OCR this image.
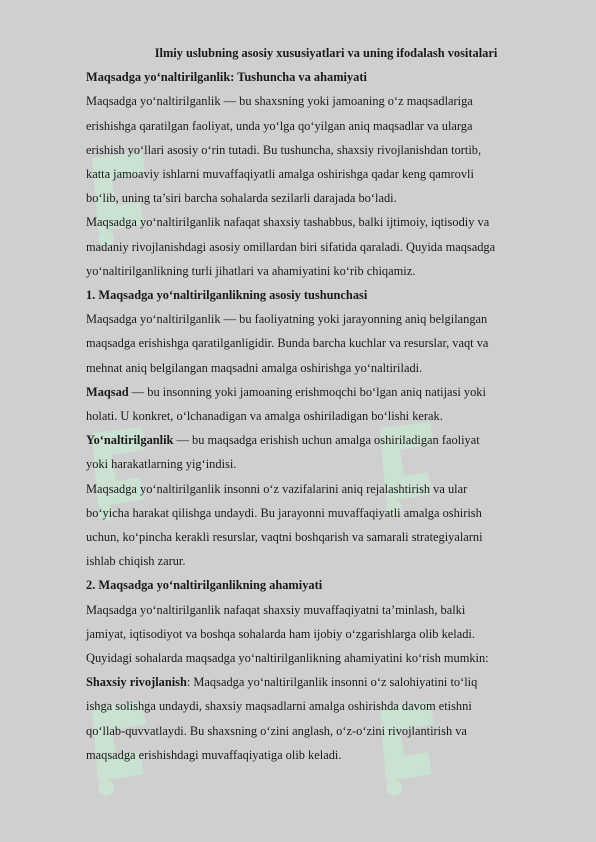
Ilmiy uslubning asosiy xususiyatlari va uning ifodalash vositalari

Maqsadga yo‘naltirilganlik: Tushuncha va ahamiyati

Maqsadga yo‘naltirilganlik — bu shaxsning yoki jamoaning o‘z maqsadlariga
erishishga qaratilgan faoliyat, unda yo‘lga qo‘yilgan aniq maqsadlar va ularga
erishish yo‘llari asosiy o‘rin tutadi. Bu tushuncha, shaxsiy rivojlanishdan tortib,
katta jamoaviy ishlarni muvaffaqiyatli amalga oshirishga qadar keng qamrovli
bo‘lib, uning ta’siri barcha sohalarda sezilarli darajada bo‘ladi.

Maqsadga yo‘naltirilganlik nafaqat shaxsiy tashabbus, balki ijtimoiy, iqtisodiy va
madaniy rivojlanishdagi asosiy omillardan biri sifatida qaraladi. Quyida maqsadga
yo‘naltirilganlikning turli jihatlari va ahamiyatini ko‘rib chiqamiz.

1. Maqsadga yo‘naltirilganlikning asosiy tushunchasi

Maqsadga yo‘naltirilganlik — bu faoliyatning yoki jarayonning aniq belgilangan
maqsadga erishishga qaratilganligidir. Bunda barcha kuchlar va resurslar, vaqt va
mehnat aniq belgilangan maqsadni amalga oshirishga yo‘naltiriladi.

Maqsad — bu insonning yoki jamoaning erishmoqchi bo‘lgan aniq natijasi yoki
holati. U konkret, o‘lchanadigan va amalga oshiriladigan bo‘lishi kerak.

Yo‘naltirilganlik — bu maqsadga erishish uchun amalga oshiriladigan faoliyat
yoki harakatlarning yig‘indisi.

Maqsadga yo‘naltirilganlik insonni o‘z vazifalarini aniq rejalashtirish va ular
bo‘yicha harakat qilishga undaydi. Bu jarayonni muvaffaqiyatli amalga oshirish
uchun, ko‘pincha kerakli resurslar, vaqtni boshqarish va samarali strategiyalarni
ishlab chiqish zarur.

2. Maqsadga yo‘naltirilganlikning ahamiyati

Maqsadga yo‘naltirilganlik nafaqat shaxsiy muvaffaqiyatni ta’minlash, balki
jamiyat, iqtisodiyot va boshqa sohalarda ham ijobiy o‘zgarishlarga olib keladi.
Quyidagi sohalarda maqsadga yo‘naltirilganlikning ahamiyatini ko‘rish mumkin:

Shaxsiy rivojlanish: Maqsadga yo‘naltirilganlik insonni o‘z salohiyatini to‘liq
ishga solishga undaydi, shaxsiy maqsadlarni amalga oshirishda davom etishni
qo‘llab-quvvatlaydi. Bu shaxsning o‘zini anglash, o‘z-o‘zini rivojlantirish va
maqsadga erishishdagi muvaffaqiyatiga olib keladi.
